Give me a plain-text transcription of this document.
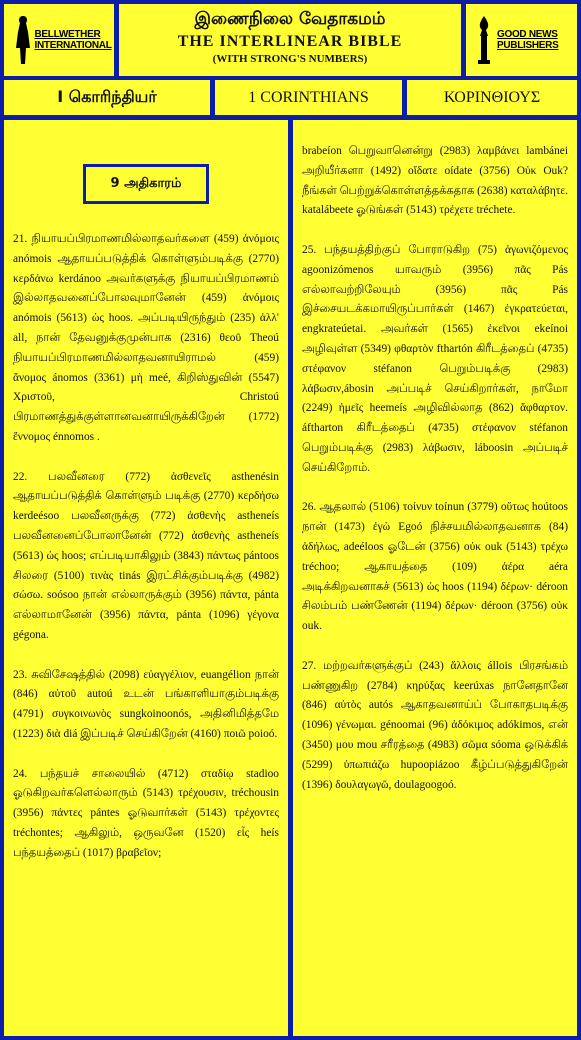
BELLWETHER INTERNATIONAL
இணைநிலை வேதாகமம்
THE INTERLINEAR BIBLE
(WITH STRONG'S NUMBERS)
GOOD NEWS PUBLISHERS
I கொரிந்தியர்	1 CORINTHIANS	ΚΟΡΙΝΘΙΟΥΣ
9 அதிகாரம்

21. நியாயப்பிரமாணமில்லாதவர்களை (459) ἀνόμοις anómois ஆதாயப்படுத்திக் கொள்ளும்படிக்கு (2770) κερδάνω kerdánoo அவர்களுக்கு நியாயப்பிரமாணம் இல்லாதவனைப்போலவுமானேன் (459) ἀνόμοις anómois (5613) ὡς hoos. அப்படியிருந்தும் (235) ἀλλ' all, நான் தேவனுக்குமுன்பாக (2316) θεοῦ Theoú நியாயப்பிரமாணமில்லாதவனாயிராமல் (459) ἄνομος ánomos (3361) μὴ meé, கிறிஸ்துவின் (5547) Χριστοῦ, Christoú பிரமாணத்துக்குள்ளானவனாயிருக்கிறேன் (1772) ἔννομος énnomos .

22. பலவீனரை (772) ἀσθενεῖς asthenésin ஆதாயப்படுத்திக் கொள்ளும் படிக்கு (2770) κερδήσω kerdeésoo பலவீனருக்கு (772) ἀσθενὴς astheneís பலவீனனைப்போலானேன் (772) ἀσθενὴς astheneís (5613) ὡς hoos; எப்படியாகிலும் (3843) πάντως pántoos சிலரை (5100) τινὰς tinás இரட்சிக்கும்படிக்கு (4982) σώσω. soósoo நான் எல்லாருக்கும் (3956) πάντα, pánta எல்லாமானேன் (3956) πάντα, pánta (1096) γέγονα gégona.

23. சுவிசேஷத்தில் (2098) εὐαγγέλιον, euangélion நான் (846) αὐτοῦ autoú உடன் பங்காளியாகும்படிக்கு (4791) συγκοινωνὸς sungkoinoonós, அதினிமித்தமே (1223) διὰ diá இப்படிச் செய்கிறேன் (4160) ποιῶ poioó.

24. பந்தயச் சாலையில் (4712) σταδίῳ stadioo ஓடுகிறவர்களெல்லாரும் (5143) τρέχουσιν, tréchousin (3956) πάντες pántes ஓடுவார்கள் (5143) τρέχοντες tréchontes; ஆகிலும், ஒருவனே (1520) εἷς heís பந்தயத்தைப் (1017) βραβεῖον;

brabeíon பெறுவானென்று (2983) λαμβάνει lambánei அறியீர்களா (1492) οἴδατε oídate (3756) Οὐκ Ouk? நீங்கள் பெற்றுக்கொள்ளத்தக்கதாக (2638) καταλάβητε. katalábeete ஓடுங்கள் (5143) τρέχετε tréchete.

25. பந்தயத்திற்குப் போராடுகிற (75) ἀγωνιζόμενος agoonizómenos யாவரும் (3956) πᾶς Pás எல்லாவற்றிலேயும் (3956) πᾶς Pás இச்சையடக்கமாயிருப்பார்கள் (1467) ἐγκρατεύεται, engkrateúetai. அவர்கள் (1565) ἐκεῖνοι ekeínoi அழிவுள்ள (5349) φθαρτὸν fthartón கிரீடத்தைப் (4735) στέφανον stéfanon பெறும்படிக்கு (2983) λάβωσιν,ábosin அப்படிச் செய்கிறார்கள், நாமோ (2249) ἡμεῖς heemeís அழிவில்லாத (862) ἄφθαρτον. áftharton கிரீடத்தைப் (4735) στέφανον stéfanon பெறும்படிக்கு (2983) λάβωσιν, láboosin அப்படிச் செய்கிறோம்.

26. ஆதலால் (5106) τοίνυν toínun (3779) οὕτως hoútoos நான் (1473) ἐγὼ Egoó நிச்சயமில்லாதவனாக (84) ἀδήλως, adeéloos ஓடேன் (3756) οὐκ ouk (5143) τρέχω tréchoo; ஆகாயத்தை (109) ἀέρα aéra அடிக்கிறவனாகச் (5613) ὡς hoos (1194) δέρων· déroon சிலம்பம் பண்ணேன் (1194) δέρων· déroon (3756) οὐκ ouk.

27. மற்றவர்களுக்குப் (243) ἄλλοις állois பிரசங்கம் பண்ணுகிற (2784) κηρύξας keerúxas நானேதானே (846) αὐτὸς autós ஆகாதவனாய்ப் போகாதபடிக்கு (1096) γένωμαι. génoomai (96) ἀδόκιμος adókimos, என் (3450) μου mou சரீரத்தை (4983) σῶμα sóoma ஒடுக்கிக் (5299) ὑπωπιάζω hupoopiázoo கீழ்ப்படுத்துகிறேன் (1396) δουλαγωγῶ, doulagoogoó.
